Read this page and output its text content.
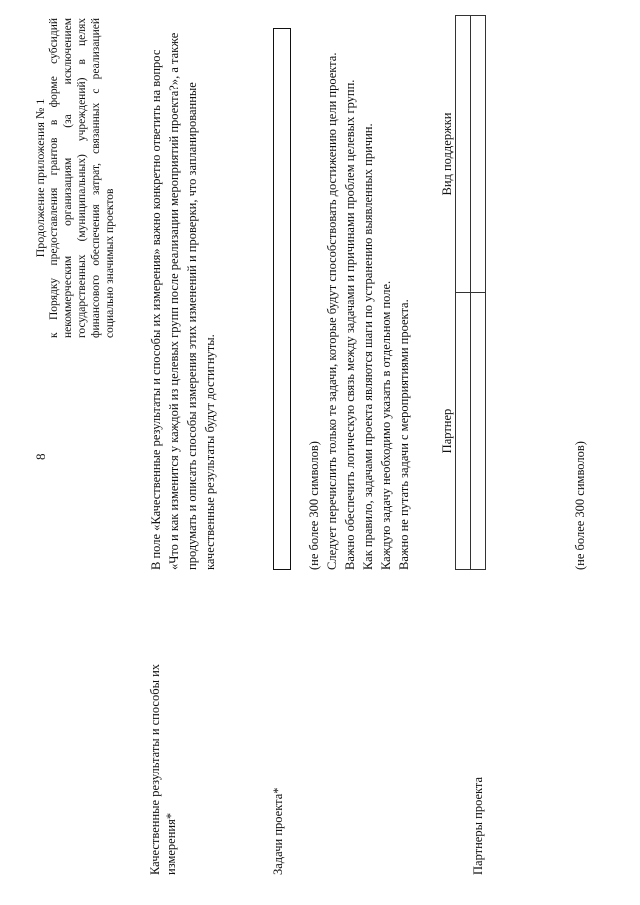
8
Продолжение приложения № 1 к Порядку предоставления грантов в форме субсидий некоммерческим организациям (за исключением государственных (муниципальных) учреждений) в целях финансового обеспечения затрат, связанных с реализацией социально значимых проектов
Качественные результаты и способы их измерения*
В поле «Качественные результаты и способы их измерения» важно конкретно ответить на вопрос «Что и как изменится у каждой из целевых групп после реализации мероприятий проекта?», а также продумать и описать способы измерения этих изменений и проверки, что запланированные качественные результаты будут достигнуты.
Задачи проекта*
(не более 300 символов) Следует перечислить только те задачи, которые будут способствовать достижению цели проекта. Важно обеспечить логическую связь между задачами и причинами проблем целевых групп. Как правило, задачами проекта являются шаги по устранению выявленных причин. Каждую задачу необходимо указать в отдельном поле. Важно не путать задачи с мероприятиями проекта.
Партнеры проекта
Партнер	Вид поддержки

(не более 300 символов)
